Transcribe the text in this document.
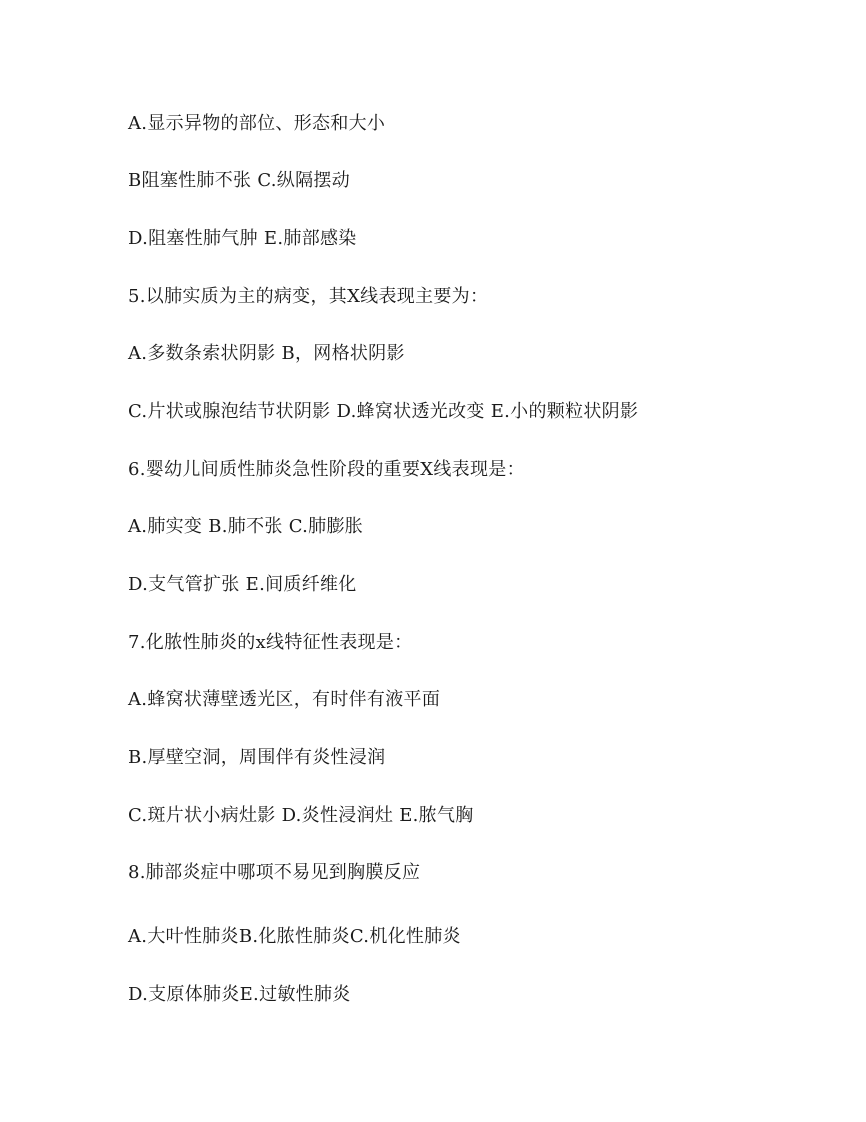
A.显示异物的部位、形态和大小
B阻塞性肺不张 C.纵隔摆动
D.阻塞性肺气肿 E.肺部感染
5.以肺实质为主的病变，其X线表现主要为：
A.多数条索状阴影 B，网格状阴影
C.片状或腺泡结节状阴影 D.蜂窝状透光改变 E.小的颗粒状阴影
6.婴幼儿间质性肺炎急性阶段的重要X线表现是：
A.肺实变 B.肺不张 C.肺膨胀
D.支气管扩张 E.间质纤维化
7.化脓性肺炎的x线特征性表现是：
A.蜂窝状薄壁透光区，有时伴有液平面
B.厚壁空洞，周围伴有炎性浸润
C.斑片状小病灶影 D.炎性浸润灶 E.脓气胸
8.肺部炎症中哪项不易见到胸膜反应
A.大叶性肺炎B.化脓性肺炎C.机化性肺炎
D.支原体肺炎E.过敏性肺炎
